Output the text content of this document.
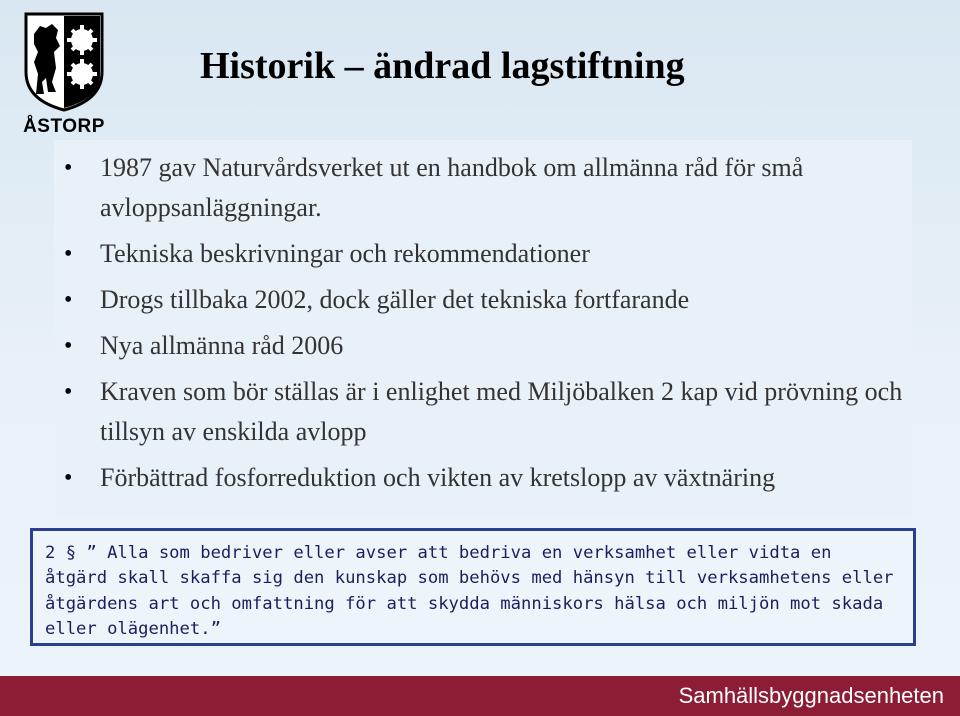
ÅSTORP
Historik – ändrad lagstiftning
• 1987 gav Naturvårdsverket ut en handbok om allmänna råd för små avloppsanläggningar.
• Tekniska beskrivningar och rekommendationer
• Drogs tillbaka 2002, dock gäller det tekniska fortfarande
• Nya allmänna råd 2006
• Kraven som bör ställas är i enlighet med Miljöbalken 2 kap vid prövning och tillsyn av enskilda avlopp
• Förbättrad fosforreduktion och vikten av kretslopp av växtnäring
2 § ” Alla som bedriver eller avser att bedriva en verksamhet eller vidta en åtgärd skall skaffa sig den kunskap som behövs med hänsyn till verksamhetens eller åtgärdens art och omfattning för att skydda människors hälsa och miljön mot skada eller olägenhet.”
Samhällsbyggnadsenheten
